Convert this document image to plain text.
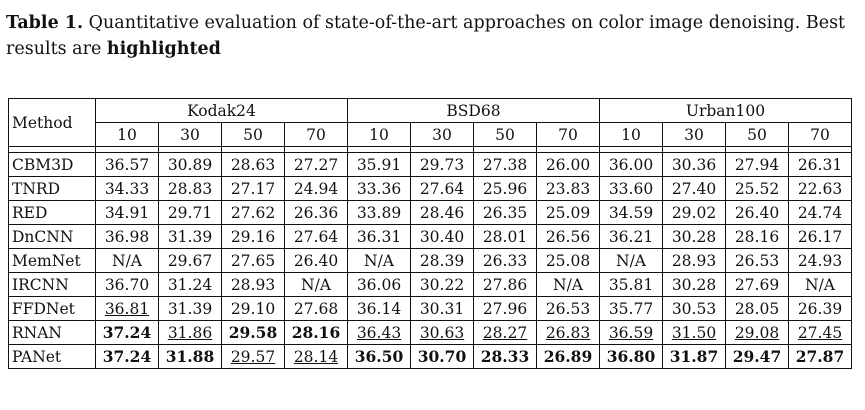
Table 1. Quantitative evaluation of state-of-the-art approaches on color image denoising. Best results are highlighted
Method	Kodak24				BSD68				Urban100			
	10	30	50	70	10	30	50	70	10	30	50	70

CBM3D	36.57	30.89	28.63	27.27	35.91	29.73	27.38	26.00	36.00	30.36	27.94	26.31
TNRD	34.33	28.83	27.17	24.94	33.36	27.64	25.96	23.83	33.60	27.40	25.52	22.63
RED	34.91	29.71	27.62	26.36	33.89	28.46	26.35	25.09	34.59	29.02	26.40	24.74
DnCNN	36.98	31.39	29.16	27.64	36.31	30.40	28.01	26.56	36.21	30.28	28.16	26.17
MemNet	N/A	29.67	27.65	26.40	N/A	28.39	26.33	25.08	N/A	28.93	26.53	24.93
IRCNN	36.70	31.24	28.93	N/A	36.06	30.22	27.86	N/A	35.81	30.28	27.69	N/A
FFDNet	36.81	31.39	29.10	27.68	36.14	30.31	27.96	26.53	35.77	30.53	28.05	26.39
RNAN	37.24	31.86	29.58	28.16	36.43	30.63	28.27	26.83	36.59	31.50	29.08	27.45
PANet	37.24	31.88	29.57	28.14	36.50	30.70	28.33	26.89	36.80	31.87	29.47	27.87
